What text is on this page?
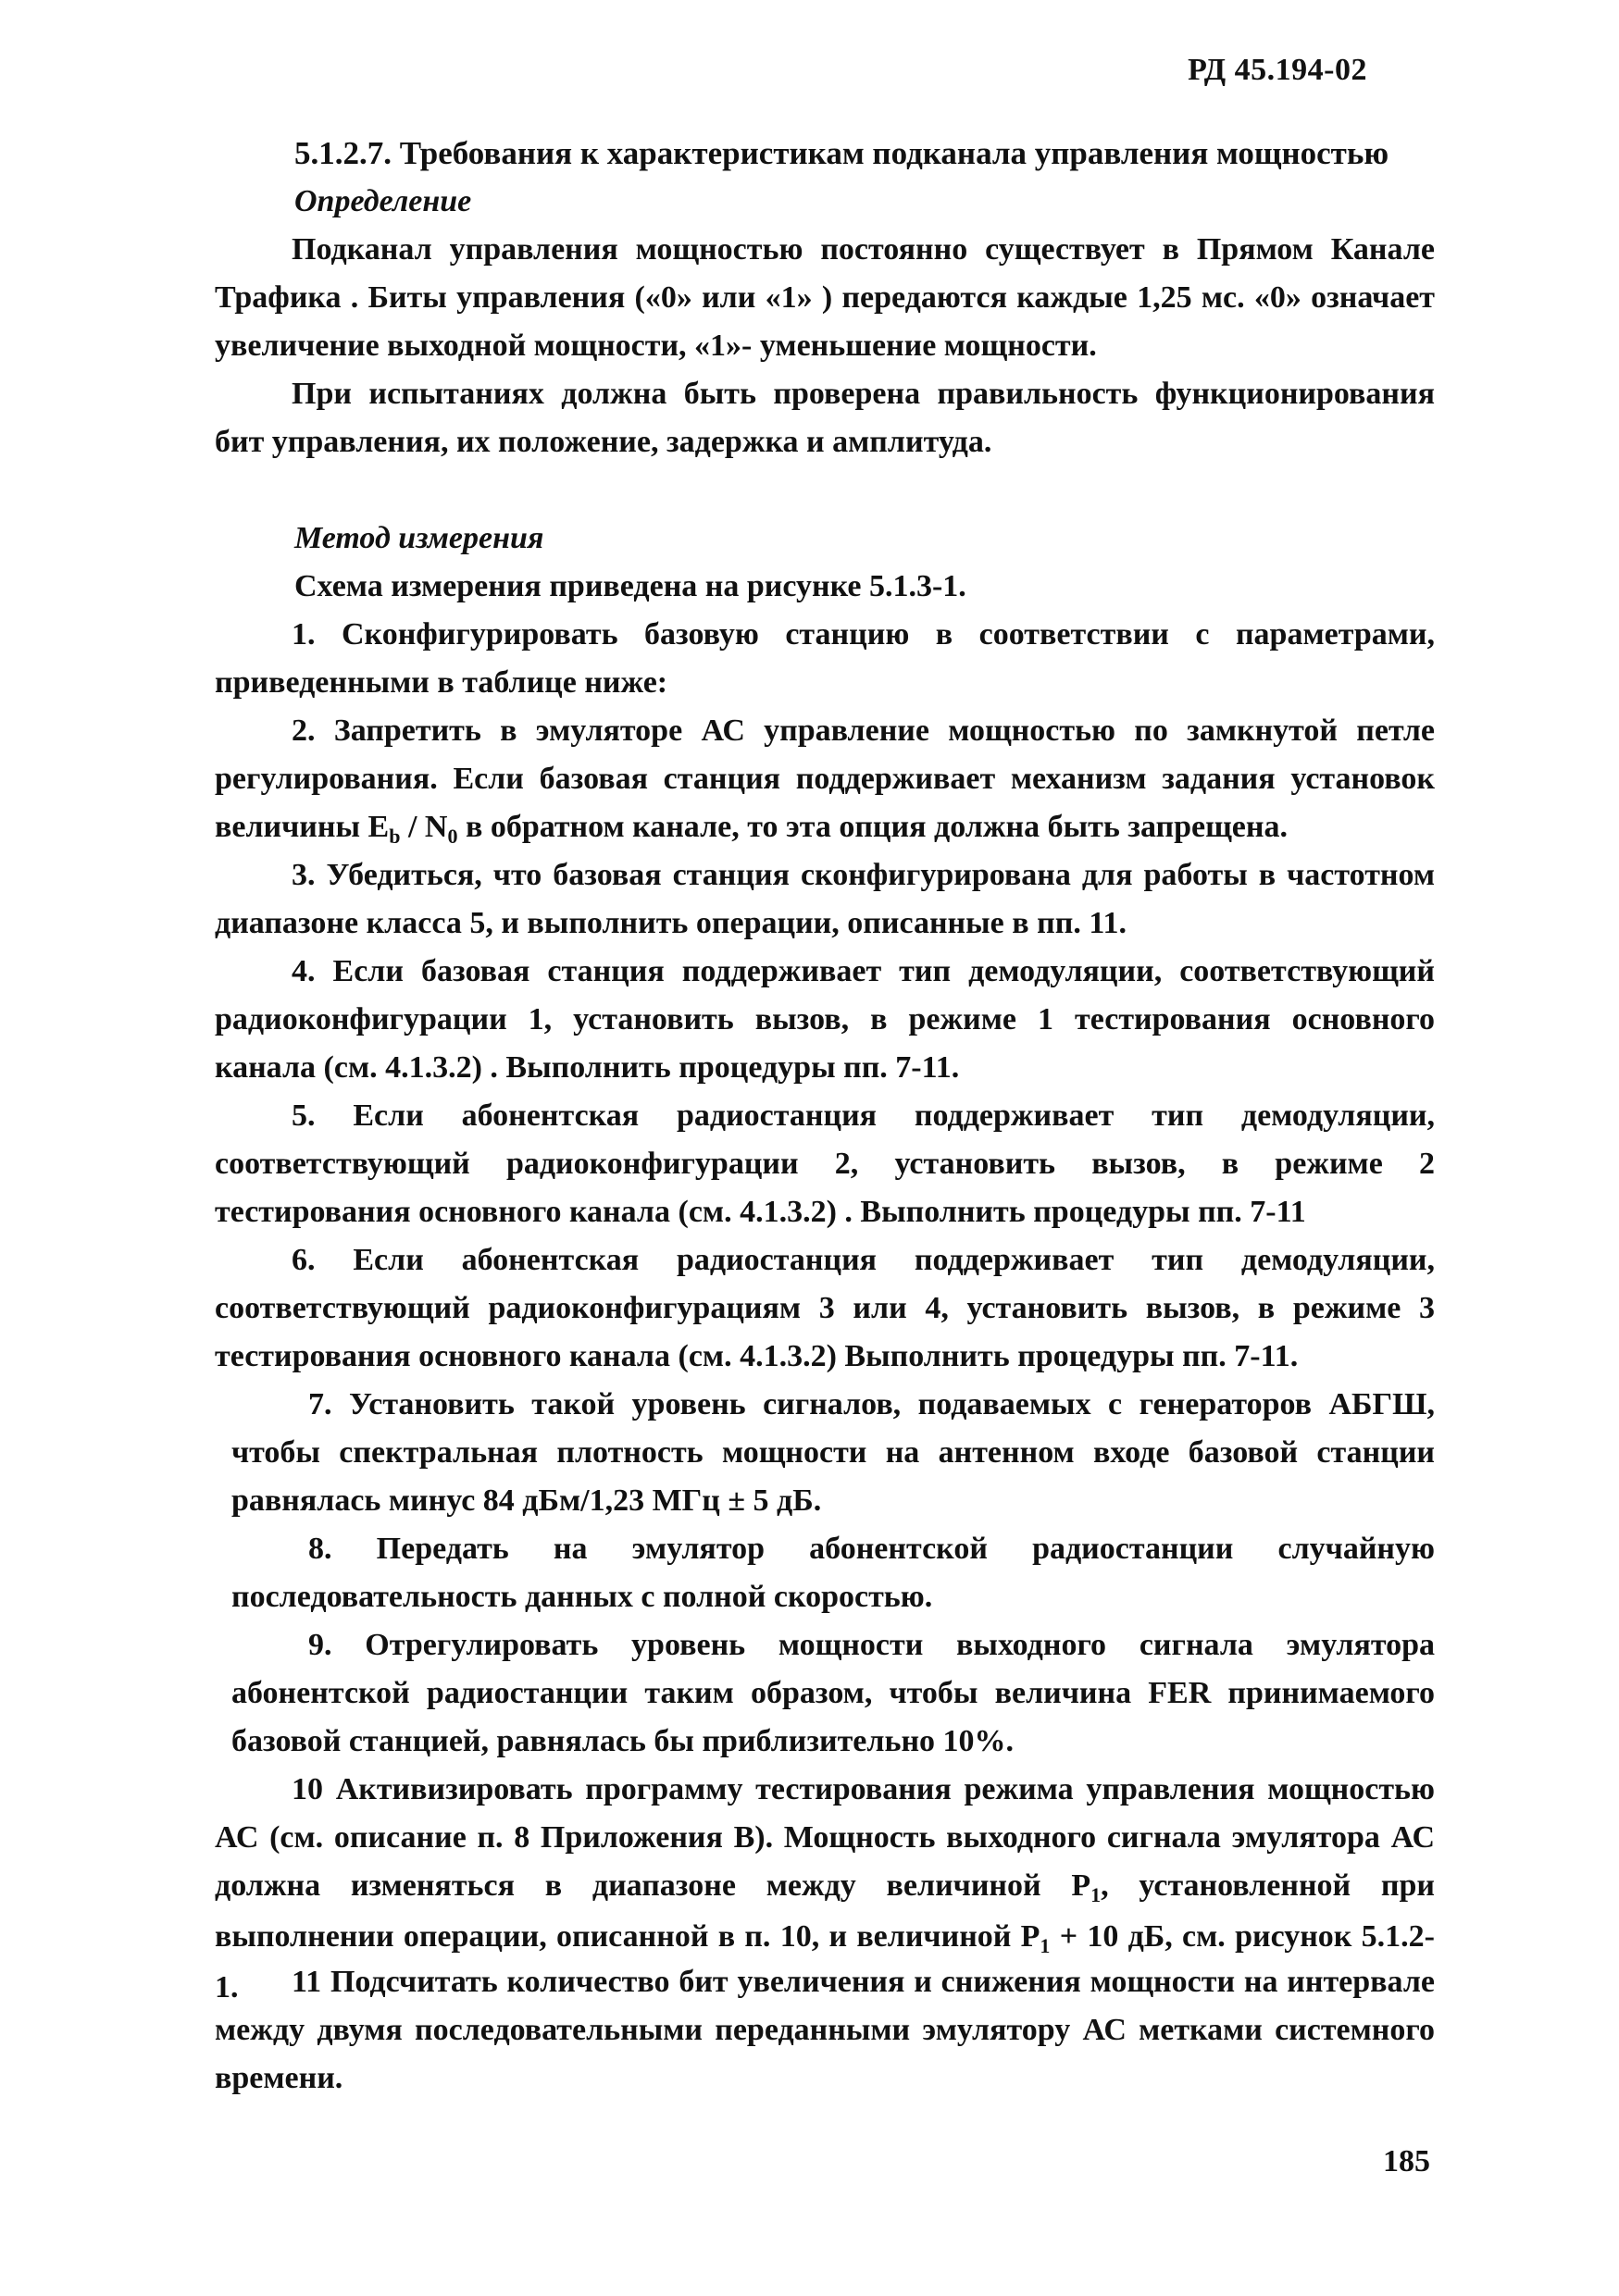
РД 45.194-02
5.1.2.7. Требования к характеристикам подканала управления мощностью
Определение
Подканал управления мощностью постоянно существует в Прямом Канале Трафика . Биты управления («0» или «1» ) передаются каждые 1,25 мс. «0» означает увеличение выходной мощности, «1»- уменьшение мощности.
При испытаниях должна быть проверена правильность функционирования бит управления, их положение, задержка и амплитуда.
Метод измерения
Схема измерения приведена на рисунке 5.1.3-1.
1. Сконфигурировать базовую станцию в соответствии с параметрами, приведенными в таблице ниже:
2. Запретить в эмуляторе АС управление мощностью по замкнутой петле регулирования. Если базовая станция поддерживает механизм задания установок величины $E_b / N_0$ в обратном канале, то эта опция должна быть запрещена.
3. Убедиться, что базовая станция сконфигурирована для работы в частотном диапазоне класса 5, и выполнить операции, описанные в пп. 11.
4. Если базовая станция поддерживает тип демодуляции, соответствующий радиоконфигурации 1, установить вызов, в режиме 1 тестирования основного канала (см. 4.1.3.2) . Выполнить процедуры пп. 7-11.
5. Если абонентская радиостанция поддерживает тип демодуляции, соответствующий радиоконфигурации 2, установить вызов, в режиме 2 тестирования основного канала (см. 4.1.3.2) . Выполнить процедуры пп. 7-11
6. Если абонентская радиостанция поддерживает тип демодуляции, соответствующий радиоконфигурациям 3 или 4, установить вызов, в режиме 3 тестирования основного канала (см. 4.1.3.2) Выполнить процедуры пп. 7-11.
7. Установить такой уровень сигналов, подаваемых с генераторов АБГШ, чтобы спектральная плотность мощности на антенном входе базовой станции равнялась минус 84 дБм/1,23 МГц ± 5 дБ.
8. Передать на эмулятор абонентской радиостанции случайную последовательность данных с полной скоростью.
9. Отрегулировать уровень мощности выходного сигнала эмулятора абонентской радиостанции таким образом, чтобы величина FER принимаемого базовой станцией, равнялась бы приблизительно 10%.
10 Активизировать программу тестирования режима управления мощностью АС (см. описание п. 8 Приложения В). Мощность выходного сигнала эмулятора АС должна изменяться в диапазоне между величиной $P_1$, установленной при выполнении операции, описанной в п. 10, и величиной $P_1 + 10$ дБ, см. рисунок 5.1.2-1.	11 Подсчитать количество бит увеличения и снижения мощности на интервале между двумя последовательными переданными эмулятору АС метками системного времени.
185
